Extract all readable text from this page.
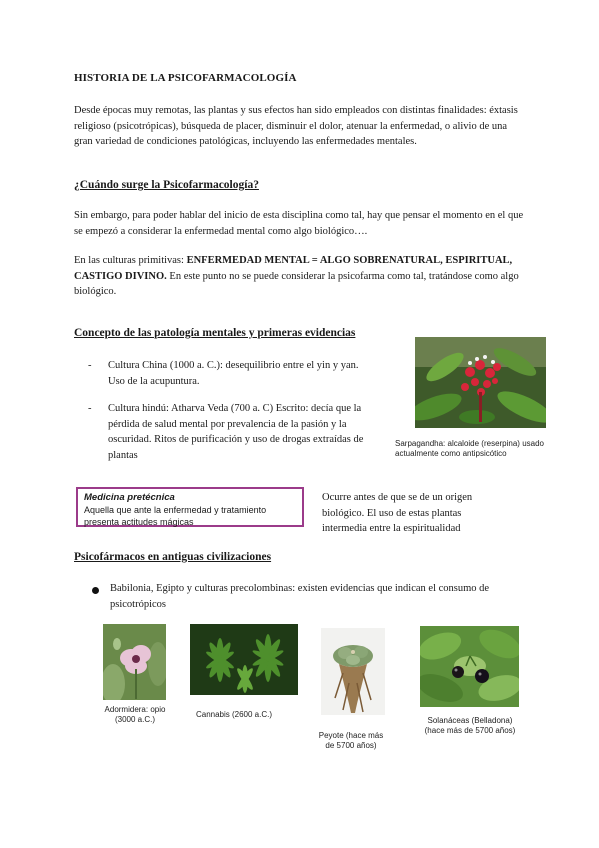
HISTORIA DE LA PSICOFARMACOLOGÍA
Desde épocas muy remotas, las plantas y sus efectos han sido empleados con distintas finalidades: éxtasis religioso (psicotrópicas), búsqueda de placer, disminuir el dolor, atenuar la enfermedad, o alivio de una gran variedad de condiciones patológicas, incluyendo las enfermedades mentales.
¿Cuándo surge la Psicofarmacología?
Sin embargo, para poder hablar del inicio de esta disciplina como tal, hay que pensar el momento en el que se empezó a considerar la enfermedad mental como algo biológico….
En las culturas primitivas: ENFERMEDAD MENTAL = ALGO SOBRENATURAL, ESPIRITUAL, CASTIGO DIVINO. En este punto no se puede considerar la psicofarma como tal, tratándose como algo biológico.
Concepto de las patología mentales y primeras evidencias
- Cultura China (1000 a. C.): desequilibrio entre el yin y yan. Uso de la acupuntura.
- Cultura hindú: Atharva Veda (700 a. C) Escrito: decía que la pérdida de salud mental por prevalencia de la pasión y la oscuridad. Ritos de purificación y uso de drogas extraídas de plantas
Sarpagandha: alcaloide (reserpina) usado actualmente como antipsicótico
Medicina pretécnica
Aquella que ante la enfermedad y tratamiento presenta actitudes mágicas
Ocurre antes de que se de un origen biológico. El uso de estas plantas intermedia entre la espiritualidad
Psicofármacos en antiguas civilizaciones
Babilonia, Egipto y culturas precolombinas: existen evidencias que indican el consumo de psicotrópicos
Adormidera: opio (3000 a.C.)
Cannabis (2600 a.C.)
Peyote (hace más de 5700 años)
Solanáceas (Belladona) (hace más de 5700 años)
